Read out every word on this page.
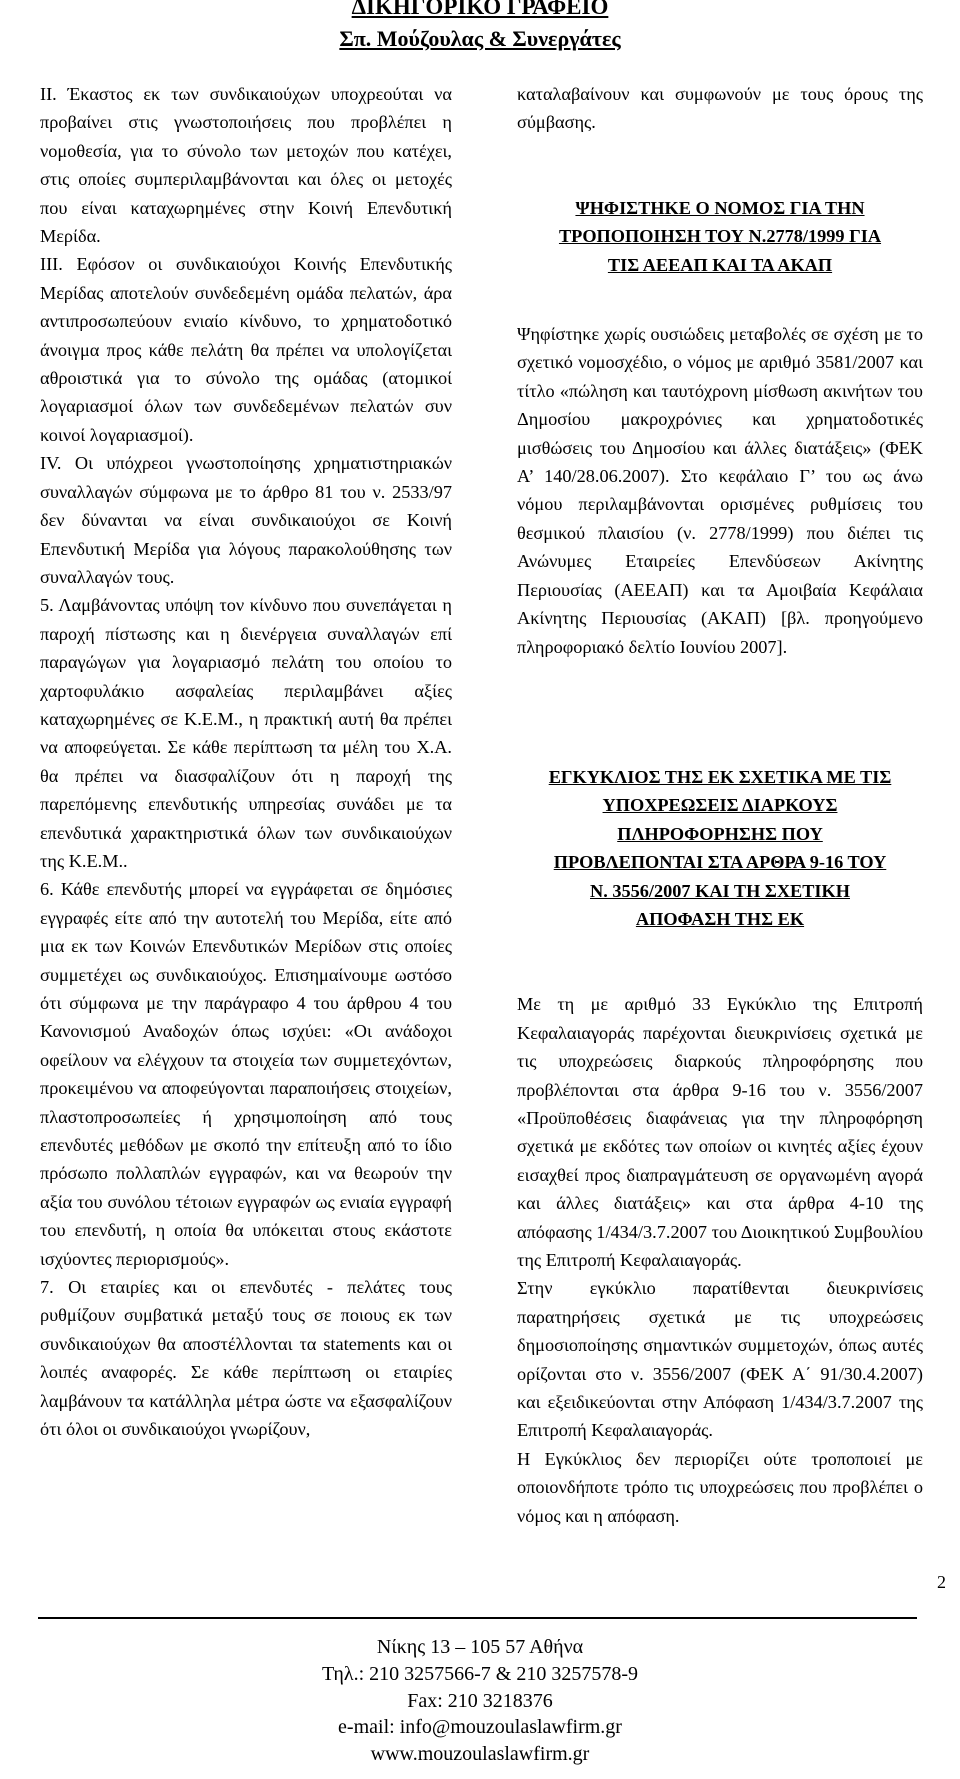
ΔΙΚΗΓΟΡΙΚΟ ΓΡΑΦΕΙΟ
Σπ. Μούζουλας & Συνεργάτες

ΙΙ. Έκαστος εκ των συνδικαιούχων υποχρεούται να προβαίνει στις γνωστοποιήσεις που προβλέπει η νομοθεσία, για το σύνολο των μετοχών που κατέχει, στις οποίες συμπεριλαμβάνονται και όλες οι μετοχές που είναι καταχωρημένες στην Κοινή Επενδυτική Μερίδα.

ΙΙΙ. Εφόσον οι συνδικαιούχοι Κοινής Επενδυτικής Μερίδας αποτελούν συνδεδεμένη ομάδα πελατών, άρα αντιπροσωπεύουν ενιαίο κίνδυνο, το χρηματοδοτικό άνοιγμα προς κάθε πελάτη θα πρέπει να υπολογίζεται αθροιστικά για το σύνολο της ομάδας (ατομικοί λογαριασμοί όλων των συνδεδεμένων πελατών συν κοινοί λογαριασμοί).

ΙV. Οι υπόχρεοι γνωστοποίησης χρηματιστηριακών συναλλαγών σύμφωνα με το άρθρο 81 του ν. 2533/97 δεν δύνανται να είναι συνδικαιούχοι σε Κοινή Επενδυτική Μερίδα για λόγους παρακολούθησης των συναλλαγών τους.

5. Λαμβάνοντας υπόψη τον κίνδυνο που συνεπάγεται η παροχή πίστωσης και η διενέργεια συναλλαγών επί παραγώγων για λογαριασμό πελάτη του οποίου το χαρτοφυλάκιο ασφαλείας περιλαμβάνει αξίες καταχωρημένες σε Κ.Ε.Μ., η πρακτική αυτή θα πρέπει να αποφεύγεται. Σε κάθε περίπτωση τα μέλη του Χ.Α. θα πρέπει να διασφαλίζουν ότι η παροχή της παρεπόμενης επενδυτικής υπηρεσίας συνάδει με τα επενδυτικά χαρακτηριστικά όλων των συνδικαιούχων της Κ.Ε.Μ..

6. Κάθε επενδυτής μπορεί να εγγράφεται σε δημόσιες εγγραφές είτε από την αυτοτελή του Μερίδα, είτε από μια εκ των Κοινών Επενδυτικών Μερίδων στις οποίες συμμετέχει ως συνδικαιούχος. Επισημαίνουμε ωστόσο ότι σύμφωνα με την παράγραφο 4 του άρθρου 4 του Κανονισμού Αναδοχών όπως ισχύει: «Οι ανάδοχοι οφείλουν να ελέγχουν τα στοιχεία των συμμετεχόντων, προκειμένου να αποφεύγονται παραποιήσεις στοιχείων, πλαστοπροσωπείες ή χρησιμοποίηση από τους επενδυτές μεθόδων με σκοπό την επίτευξη από το ίδιο πρόσωπο πολλαπλών εγγραφών, και να θεωρούν την αξία του συνόλου τέτοιων εγγραφών ως ενιαία εγγραφή του επενδυτή, η οποία θα υπόκειται στους εκάστοτε ισχύοντες περιορισμούς».

7. Οι εταιρίες και οι επενδυτές - πελάτες τους ρυθμίζουν συμβατικά μεταξύ τους σε ποιους εκ των συνδικαιούχων θα αποστέλλονται τα statements και οι λοιπές αναφορές. Σε κάθε περίπτωση οι εταιρίες λαμβάνουν τα κατάλληλα μέτρα ώστε να εξασφαλίζουν ότι όλοι οι συνδικαιούχοι γνωρίζουν,

καταλαβαίνουν και συμφωνούν με τους όρους της σύμβασης.

ΨΗΦΙΣΤΗΚΕ Ο ΝΟΜΟΣ ΓΙΑ ΤΗΝ
ΤΡΟΠΟΠΟΙΗΣΗ ΤΟΥ Ν.2778/1999 ΓΙΑ
ΤΙΣ ΑΕΕΑΠ ΚΑΙ ΤΑ ΑΚΑΠ

Ψηφίστηκε χωρίς ουσιώδεις μεταβολές σε σχέση με το σχετικό νομοσχέδιο, ο νόμος με αριθμό 3581/2007 και τίτλο «πώληση και ταυτόχρονη μίσθωση ακινήτων του Δημοσίου μακροχρόνιες και χρηματοδοτικές μισθώσεις του Δημοσίου και άλλες διατάξεις» (ΦΕΚ Α’ 140/28.06.2007). Στο κεφάλαιο Γ’ του ως άνω νόμου περιλαμβάνονται ορισμένες ρυθμίσεις του θεσμικού πλαισίου (ν. 2778/1999) που διέπει τις Ανώνυμες Εταιρείες Επενδύσεων Ακίνητης Περιουσίας (ΑΕΕΑΠ) και τα Αμοιβαία Κεφάλαια Ακίνητης Περιουσίας (ΑΚΑΠ) [βλ. προηγούμενο πληροφοριακό δελτίο Ιουνίου 2007].

ΕΓΚΥΚΛΙΟΣ ΤΗΣ ΕΚ ΣΧΕΤΙΚΑ ΜΕ ΤΙΣ
ΥΠΟΧΡΕΩΣΕΙΣ ΔΙΑΡΚΟΥΣ
ΠΛΗΡΟΦΟΡΗΣΗΣ ΠΟΥ
ΠΡΟΒΛΕΠΟΝΤΑΙ ΣΤΑ ΑΡΘΡΑ 9-16 ΤΟΥ
Ν. 3556/2007 ΚΑΙ ΤΗ ΣΧΕΤΙΚΗ
ΑΠΟΦΑΣΗ ΤΗΣ ΕΚ

Με τη με αριθμό 33 Εγκύκλιο της Επιτροπή Κεφαλαιαγοράς παρέχονται διευκρινίσεις σχετικά με τις υποχρεώσεις διαρκούς πληροφόρησης που προβλέπονται στα άρθρα 9-16 του ν. 3556/2007 «Προϋποθέσεις διαφάνειας για την πληροφόρηση σχετικά με εκδότες των οποίων οι κινητές αξίες έχουν εισαχθεί προς διαπραγμάτευση σε οργανωμένη αγορά και άλλες διατάξεις» και στα άρθρα 4-10 της απόφασης 1/434/3.7.2007 του Διοικητικού Συμβουλίου της Επιτροπή Κεφαλαιαγοράς.

Στην εγκύκλιο παρατίθενται διευκρινίσεις παρατηρήσεις σχετικά με τις υποχρεώσεις δημοσιοποίησης σημαντικών συμμετοχών, όπως αυτές ορίζονται στο ν. 3556/2007 (ΦΕΚ Α΄ 91/30.4.2007) και εξειδικεύονται στην Απόφαση 1/434/3.7.2007 της Επιτροπή Κεφαλαιαγοράς.

Η Εγκύκλιος δεν περιορίζει ούτε τροποποιεί με οποιονδήποτε τρόπο τις υποχρεώσεις που προβλέπει ο νόμος και η απόφαση.

2
Νίκης 13 – 105 57 Αθήνα
Τηλ.: 210 3257566-7 & 210 3257578-9
Fax: 210 3218376
e-mail: info@mouzoulaslawfirm.gr
www.mouzoulaslawfirm.gr
